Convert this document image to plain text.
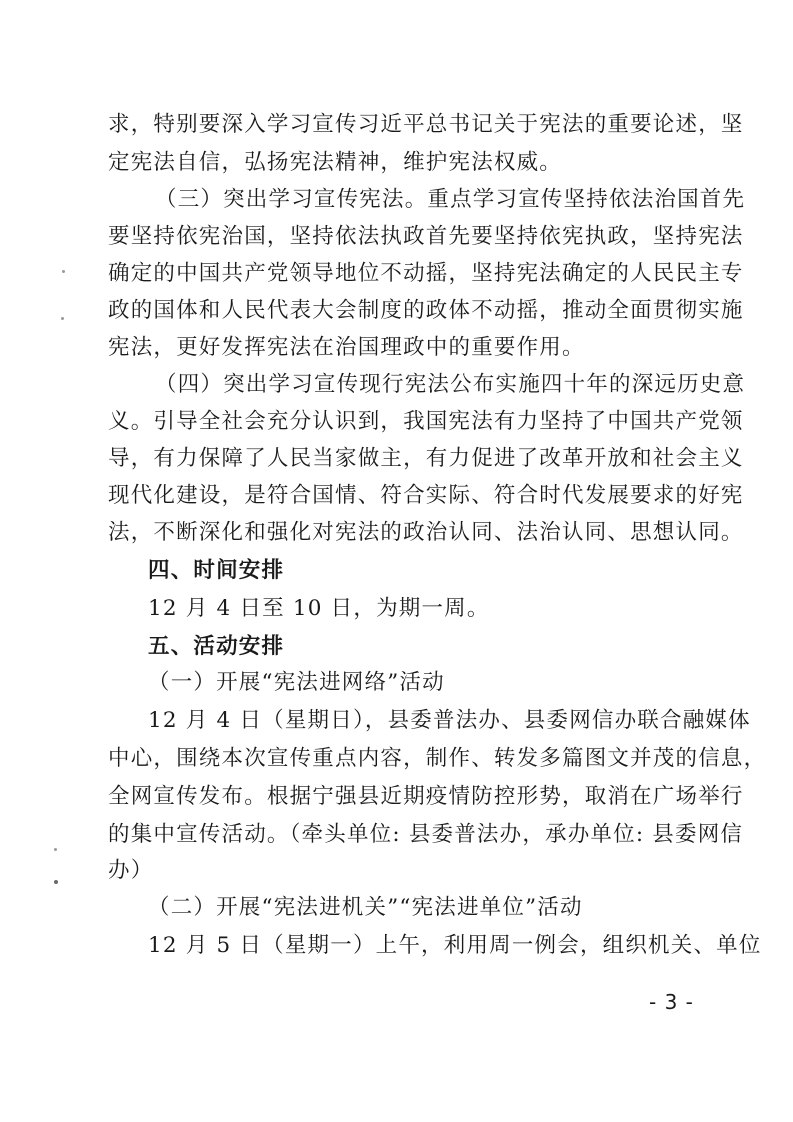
求，特别要深入学习宣传习近平总书记关于宪法的重要论述，坚
定宪法自信，弘扬宪法精神，维护宪法权威。
（三）突出学习宣传宪法。重点学习宣传坚持依法治国首先
要坚持依宪治国，坚持依法执政首先要坚持依宪执政，坚持宪法
确定的中国共产党领导地位不动摇，坚持宪法确定的人民民主专
政的国体和人民代表大会制度的政体不动摇，推动全面贯彻实施
宪法，更好发挥宪法在治国理政中的重要作用。
（四）突出学习宣传现行宪法公布实施四十年的深远历史意
义。引导全社会充分认识到，我国宪法有力坚持了中国共产党领
导，有力保障了人民当家做主，有力促进了改革开放和社会主义
现代化建设，是符合国情、符合实际、符合时代发展要求的好宪
法，不断深化和强化对宪法的政治认同、法治认同、思想认同。
四、时间安排
12 月 4 日至 10 日，为期一周。
五、活动安排
（一）开展“宪法进网络”活动
12 月 4 日（星期日），县委普法办、县委网信办联合融媒体
中心，围绕本次宣传重点内容，制作、转发多篇图文并茂的信息，
全网宣传发布。根据宁强县近期疫情防控形势，取消在广场举行
的集中宣传活动。（牵头单位: 县委普法办，承办单位: 县委网信
办）
（二）开展“宪法进机关”“宪法进单位”活动
12 月 5 日（星期一）上午，利用周一例会，组织机关、单位
- 3 -
